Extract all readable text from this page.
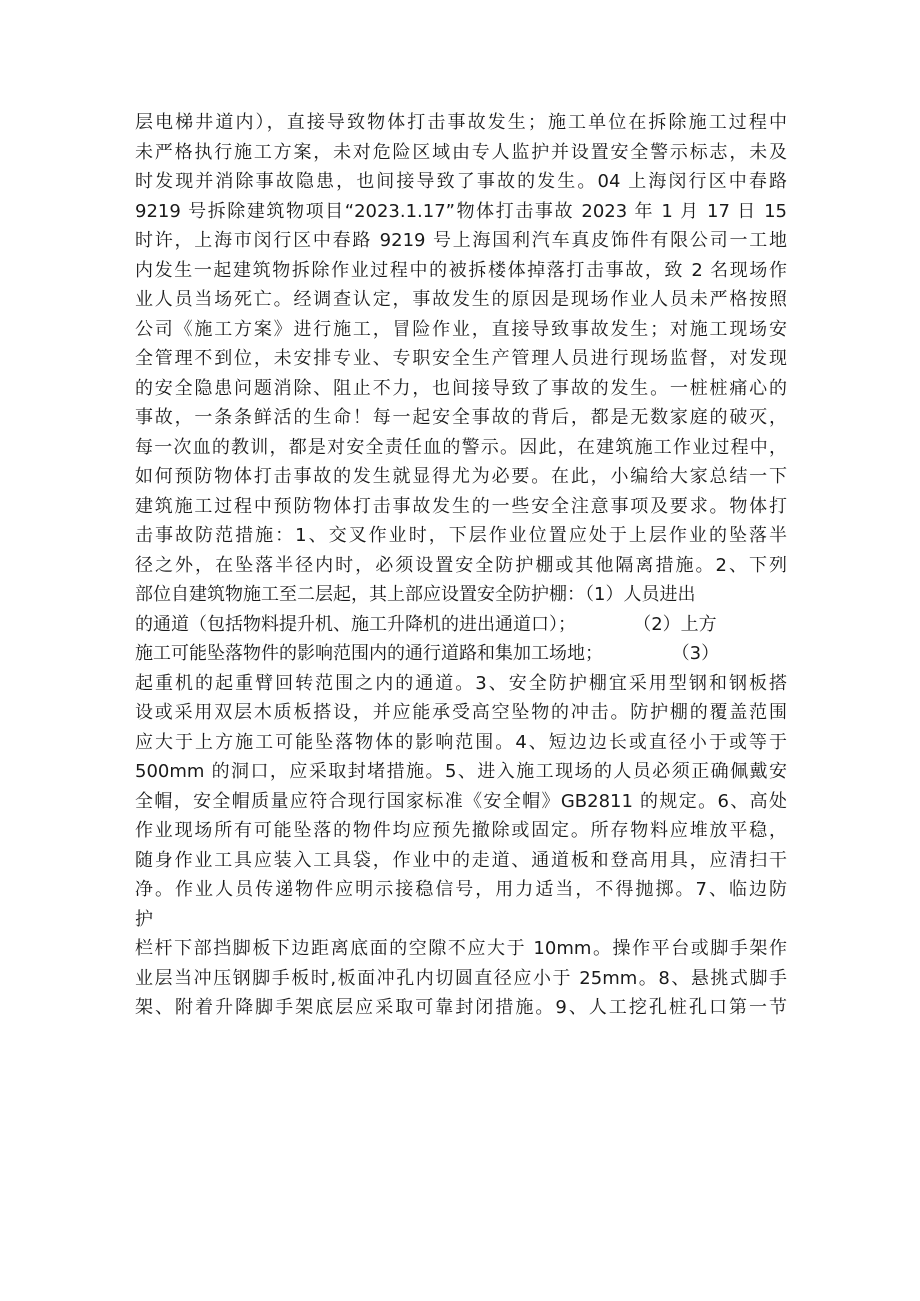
层电梯井道内），直接导致物体打击事故发生；施工单位在拆除施工过程中
未严格执行施工方案，未对危险区域由专人监护并设置安全警示标志，未及
时发现并消除事故隐患，也间接导致了事故的发生。04 上海闵行区中春路
9219 号拆除建筑物项目“2023.1.17”物体打击事故 2023 年 1 月 17 日 15
时许，上海市闵行区中春路 9219 号上海国利汽车真皮饰件有限公司一工地
内发生一起建筑物拆除作业过程中的被拆楼体掉落打击事故，致 2 名现场作
业人员当场死亡。经调查认定，事故发生的原因是现场作业人员未严格按照
公司《施工方案》进行施工，冒险作业，直接导致事故发生；对施工现场安
全管理不到位，未安排专业、专职安全生产管理人员进行现场监督，对发现
的安全隐患问题消除、阻止不力，也间接导致了事故的发生。一桩桩痛心的
事故，一条条鲜活的生命！每一起安全事故的背后，都是无数家庭的破灭，
每一次血的教训，都是对安全责任血的警示。因此，在建筑施工作业过程中，
如何预防物体打击事故的发生就显得尤为必要。在此，小编给大家总结一下
建筑施工过程中预防物体打击事故发生的一些安全注意事项及要求。物体打
击事故防范措施：1、交叉作业时，下层作业位置应处于上层作业的坠落半
径之外，在坠落半径内时，必须设置安全防护棚或其他隔离措施。2、下列
部位自建筑物施工至二层起，其上部应设置安全防护棚：（1）人员进出
的通道（包括物料提升机、施工升降机的进出通道口）；          （2）上方
施工可能坠落物件的影响范围内的通行道路和集加工场地；            （3）
起重机的起重臂回转范围之内的通道。3、安全防护棚宜采用型钢和钢板搭
设或采用双层木质板搭设，并应能承受高空坠物的冲击。防护棚的覆盖范围
应大于上方施工可能坠落物体的影响范围。4、短边边长或直径小于或等于
500mm 的洞口，应采取封堵措施。5、进入施工现场的人员必须正确佩戴安
全帽，安全帽质量应符合现行国家标准《安全帽》GB2811 的规定。6、高处
作业现场所有可能坠落的物件均应预先撤除或固定。所存物料应堆放平稳，
随身作业工具应装入工具袋，作业中的走道、通道板和登高用具，应清扫干
净。作业人员传递物件应明示接稳信号，用力适当，不得抛掷。7、临边防
护
栏杆下部挡脚板下边距离底面的空隙不应大于 10mm。操作平台或脚手架作
业层当冲压钢脚手板时,板面冲孔内切圆直径应小于 25mm。8、悬挑式脚手
架、附着升降脚手架底层应采取可靠封闭措施。9、人工挖孔桩孔口第一节
